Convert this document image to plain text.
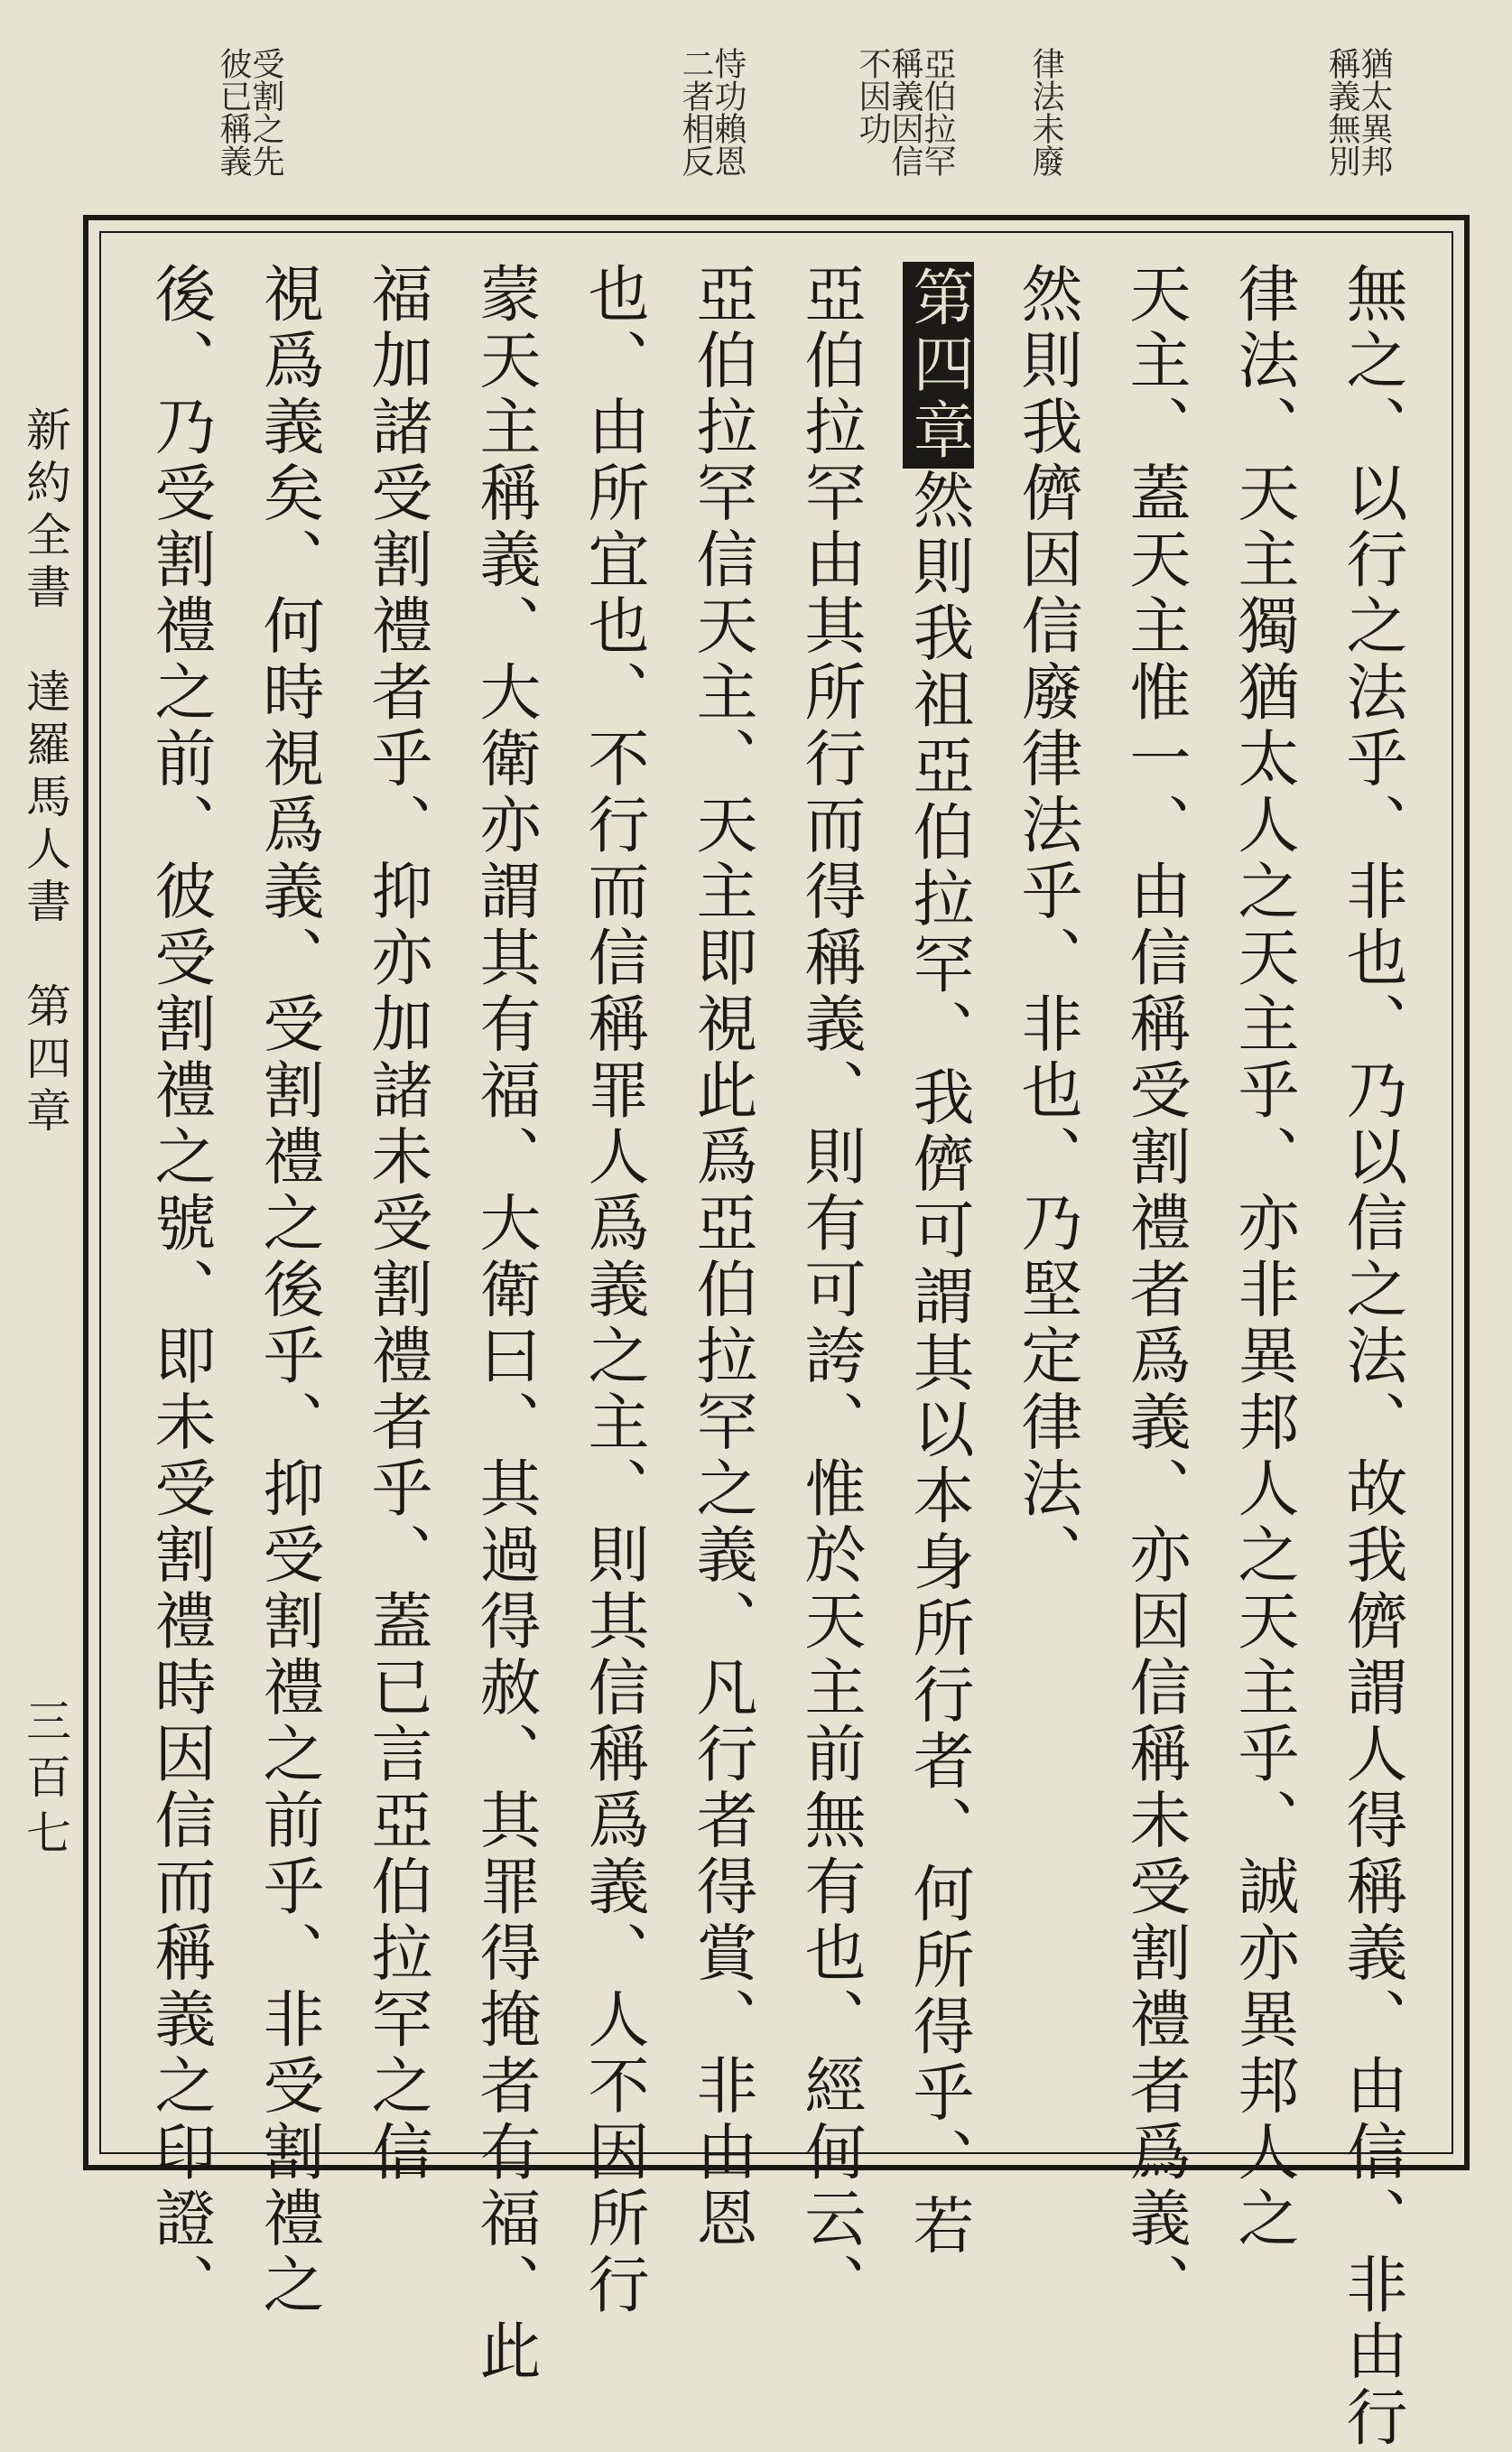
猶太異邦
稱義無別
律法未廢
亞伯拉罕
稱義因信
不因功
恃功賴恩
二者相反
受割之先
彼已稱義
無之、以行之法乎、非也、乃以信之法、故我儕謂人得稱義、由信、非由行
律法、天主獨猶太人之天主乎、亦非異邦人之天主乎、誠亦異邦人之
天主、蓋天主惟一、由信稱受割禮者爲義、亦因信稱未受割禮者爲義、
然則我儕因信廢律法乎、非也、乃堅定律法、
第四章然則我祖亞伯拉罕、我儕可謂其以本身所行者、何所得乎、若
亞伯拉罕由其所行而得稱義、則有可誇、惟於天主前無有也、經何云、
亞伯拉罕信天主、天主即視此爲亞伯拉罕之義、凡行者得賞、非由恩
也、由所宜也、不行而信稱罪人爲義之主、則其信稱爲義、人不因所行
蒙天主稱義、大衛亦謂其有福、大衛曰、其過得赦、其罪得掩者有福、此
福加諸受割禮者乎、抑亦加諸未受割禮者乎、蓋已言亞伯拉罕之信
視爲義矣、何時視爲義、受割禮之後乎、抑受割禮之前乎、非受割禮之
後、乃受割禮之前、彼受割禮之號、即未受割禮時因信而稱義之印證、
新約全書　達羅馬人書　第四章
三百七
